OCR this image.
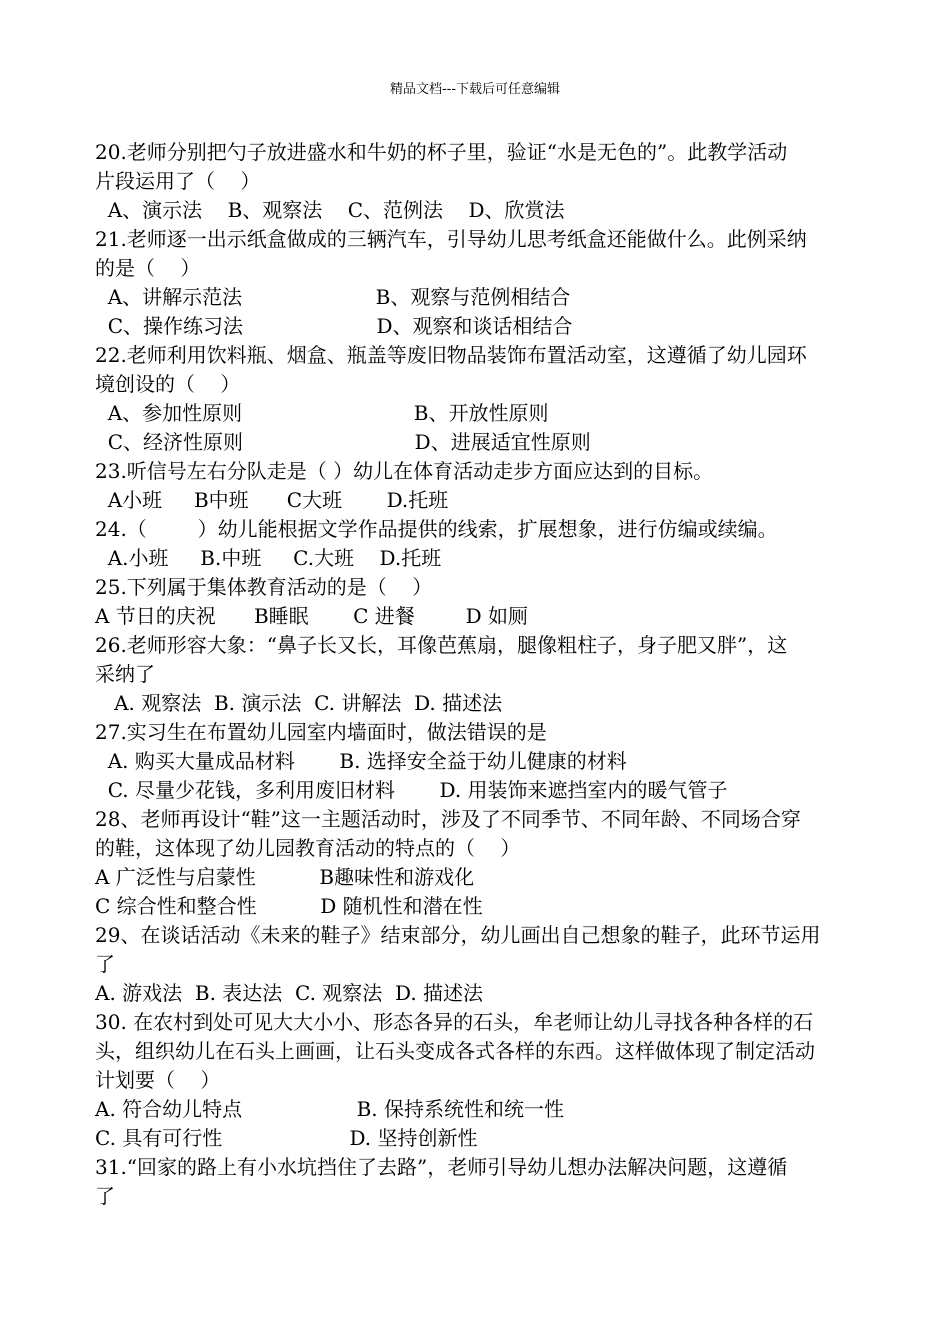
精品文档---下载后可任意编辑
20.老师分别把勺子放进盛水和牛奶的杯子里，验证“水是无色的”。此教学活动
片段运用了（    ）
A、演示法    B、观察法    C、范例法    D、欣赏法
21.老师逐一出示纸盒做成的三辆汽车，引导幼儿思考纸盒还能做什么。此例采纳
的是（    ）
A、讲解示范法                     B、观察与范例相结合
C、操作练习法                     D、观察和谈话相结合
22.老师利用饮料瓶、烟盒、瓶盖等废旧物品装饰布置活动室，这遵循了幼儿园环
境创设的（    ）
A、参加性原则                           B、开放性原则
C、经济性原则                           D、进展适宜性原则
23.听信号左右分队走是（ ）幼儿在体育活动走步方面应达到的目标。
A小班     B中班      C大班       D.托班
24.（        ）幼儿能根据文学作品提供的线索，扩展想象，进行仿编或续编。
A.小班     B.中班     C.大班    D.托班
25.下列属于集体教育活动的是（    ）
A 节日的庆祝      B睡眠       C 进餐        D 如厕
26.老师形容大象：“鼻子长又长，耳像芭蕉扇，腿像粗柱子，身子肥又胖”，这
采纳了
A. 观察法  B. 演示法  C. 讲解法  D. 描述法
27.实习生在布置幼儿园室内墙面时，做法错误的是
A. 购买大量成品材料       B. 选择安全益于幼儿健康的材料
C. 尽量少花钱，多利用废旧材料       D. 用装饰来遮挡室内的暖气管子
28、老师再设计“鞋”这一主题活动时，涉及了不同季节、不同年龄、不同场合穿
的鞋，这体现了幼儿园教育活动的特点的（    ）
A 广泛性与启蒙性          B趣味性和游戏化
C 综合性和整合性          D 随机性和潜在性
29、在谈话活动《未来的鞋子》结束部分，幼儿画出自己想象的鞋子，此环节运用
了
A. 游戏法  B. 表达法  C. 观察法  D. 描述法
30. 在农村到处可见大大小小、形态各异的石头，牟老师让幼儿寻找各种各样的石
头，组织幼儿在石头上画画，让石头变成各式各样的东西。这样做体现了制定活动
计划要（    ）
A. 符合幼儿特点                  B. 保持系统性和统一性
C. 具有可行性                    D. 坚持创新性
31.“回家的路上有小水坑挡住了去路”，老师引导幼儿想办法解决问题，这遵循
了
